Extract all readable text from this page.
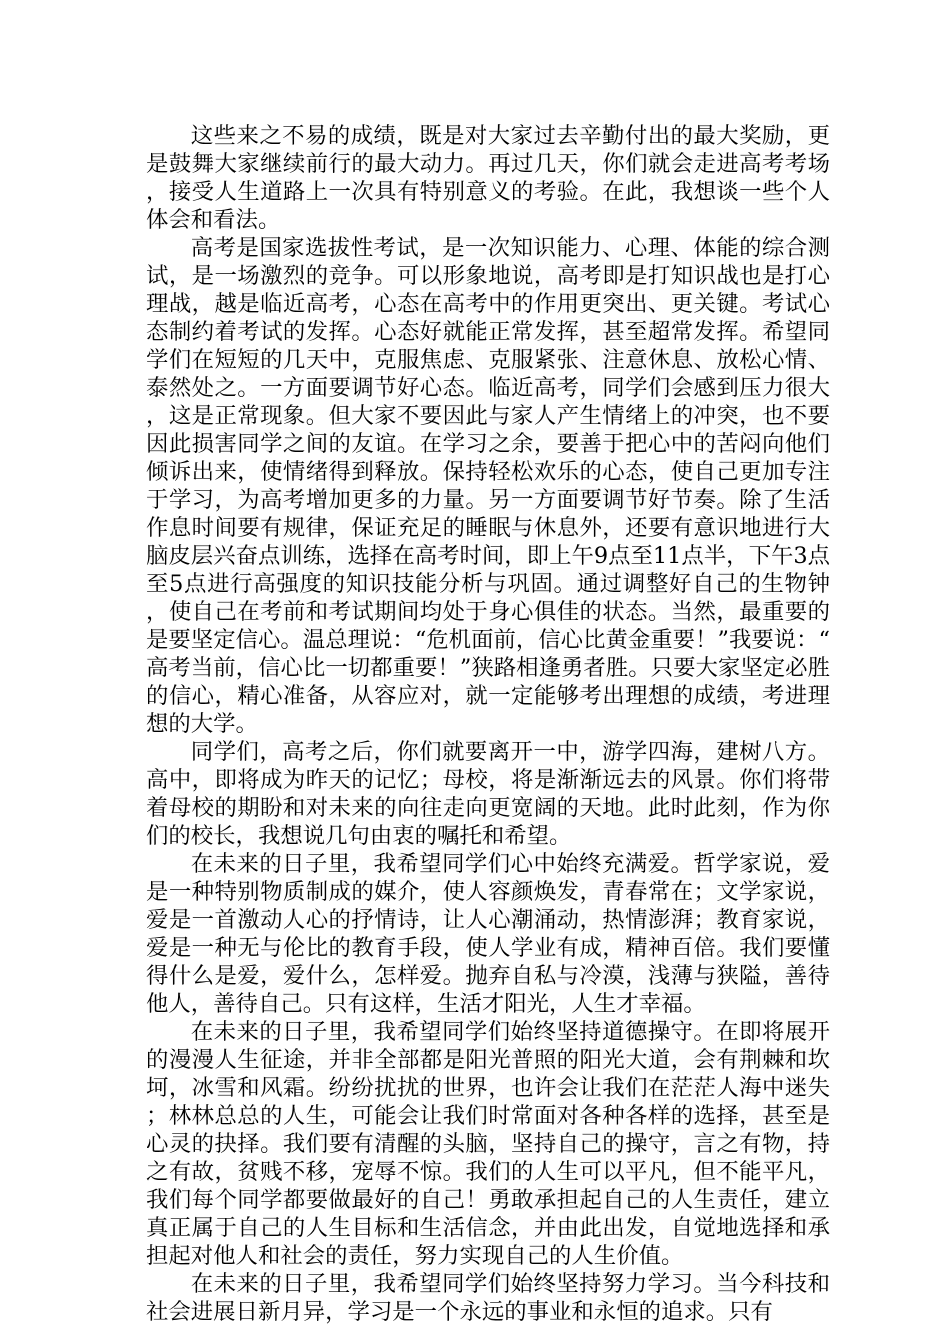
这些来之不易的成绩，既是对大家过去辛勤付出的最大奖励，更是鼓舞大家继续前行的最大动力。再过几天，你们就会走进高考考场，接受人生道路上一次具有特别意义的考验。在此，我想谈一些个人体会和看法。

高考是国家选拔性考试，是一次知识能力、心理、体能的综合测试，是一场激烈的竞争。可以形象地说，高考即是打知识战也是打心理战，越是临近高考，心态在高考中的作用更突出、更关键。考试心态制约着考试的发挥。心态好就能正常发挥，甚至超常发挥。希望同学们在短短的几天中，克服焦虑、克服紧张、注意休息、放松心情、泰然处之。一方面要调节好心态。临近高考，同学们会感到压力很大，这是正常现象。但大家不要因此与家人产生情绪上的冲突，也不要因此损害同学之间的友谊。在学习之余，要善于把心中的苦闷向他们倾诉出来，使情绪得到释放。保持轻松欢乐的心态，使自己更加专注于学习，为高考增加更多的力量。另一方面要调节好节奏。除了生活作息时间要有规律，保证充足的睡眠与休息外，还要有意识地进行大脑皮层兴奋点训练，选择在高考时间，即上午9点至11点半，下午3点至5点进行高强度的知识技能分析与巩固。通过调整好自己的生物钟，使自己在考前和考试期间均处于身心俱佳的状态。当然，最重要的是要坚定信心。温总理说：“危机面前，信心比黄金重要！”我要说：“高考当前，信心比一切都重要！”狭路相逢勇者胜。只要大家坚定必胜的信心，精心准备，从容应对，就一定能够考出理想的成绩，考进理想的大学。

同学们，高考之后，你们就要离开一中，游学四海，建树八方。高中，即将成为昨天的记忆；母校，将是渐渐远去的风景。你们将带着母校的期盼和对未来的向往走向更宽阔的天地。此时此刻，作为你们的校长，我想说几句由衷的嘱托和希望。

在未来的日子里，我希望同学们心中始终充满爱。哲学家说，爱是一种特别物质制成的媒介，使人容颜焕发，青春常在；文学家说，爱是一首激动人心的抒情诗，让人心潮涌动，热情澎湃；教育家说，爱是一种无与伦比的教育手段，使人学业有成，精神百倍。我们要懂得什么是爱，爱什么，怎样爱。抛弃自私与冷漠，浅薄与狭隘，善待他人，善待自己。只有这样，生活才阳光，人生才幸福。

在未来的日子里，我希望同学们始终坚持道德操守。在即将展开的漫漫人生征途，并非全部都是阳光普照的阳光大道，会有荆棘和坎坷，冰雪和风霜。纷纷扰扰的世界，也许会让我们在茫茫人海中迷失；林林总总的人生，可能会让我们时常面对各种各样的选择，甚至是心灵的抉择。我们要有清醒的头脑，坚持自己的操守，言之有物，持之有故，贫贱不移，宠辱不惊。我们的人生可以平凡，但不能平凡，我们每个同学都要做最好的自己！勇敢承担起自己的人生责任，建立真正属于自己的人生目标和生活信念，并由此出发，自觉地选择和承担起对他人和社会的责任，努力实现自己的人生价值。

在未来的日子里，我希望同学们始终坚持努力学习。当今科技和社会进展日新月异，学习是一个永远的事业和永恒的追求。只有
